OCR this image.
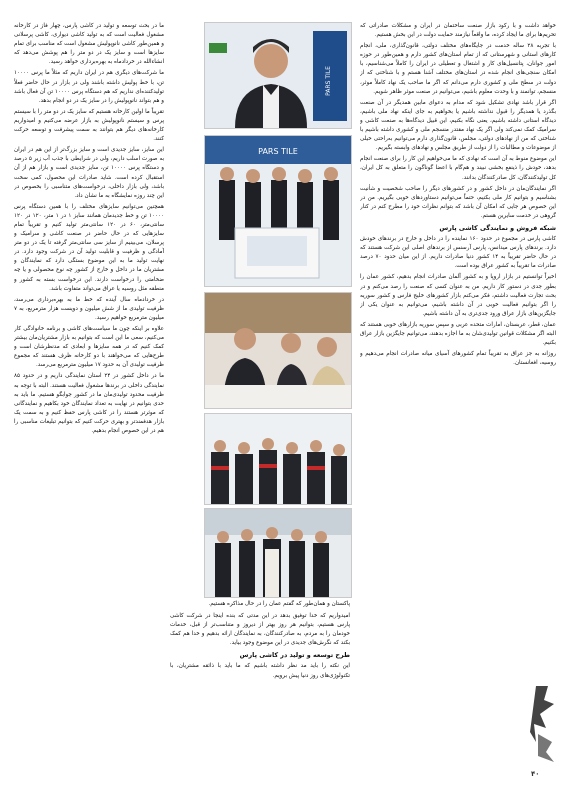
خواهد داشت و با رکود بازار صنعت ساختمان در ایران و مشکلات صادراتی که تحریم‌ها برای ما ایجاد کرده، ما واقعاً نیازمند حمایت دولت در این بخش هستیم.

با تجربه ۲۸ ساله خدمت در جایگاه‌های مختلف دولتی، قانون‌گذاری، ملی، انجام کارهای استانی و شهرستانی که از تمام استان‌های کشور دارم و همین‌طور در حوزه امور جوانان، پتانسیل‌های کار و اشتغال و تعطیلی در ایران را کاملاً می‌شناسیم، با امکان سنجی‌های انجام شده در استان‌های مختلف آشنا هستم و با شناختی که از دولت در سطح ملی و کشوری دارم می‌دانم که اگر ما صاحب یک نهاد کاملاً موثر، منسجم، توانمند و با وحدت معلوم باشیم، می‌توانیم در صنعت موثر ظاهر شویم.

اگر قرار باشد نهادی تشکیل شود که مدام به دعوای مابین همدیگر در آن صنعت بگذرد یا همدیگر را قبول نداشته باشیم یا بخواهیم به جای اینکه نهاد ملی باشیم، دیدگاه استانی داشته باشیم، یعنی نگاه بکنیم، این قبیل دیدگاه‌ها به صنعت کاشی و سرامیک کمک نمی‌کند ولی اگر یک نهاد مقتدر منسجم ملی و کشوری داشته باشیم با شناختی که من از نهادهای دولتی، مجلس، قانون‌گذاری دارم می‌توانیم به‌راحتی خیلی از موضوعات و مطالبات را از دولت از طریق مجلس و نهادهای وابسته بگیریم.

این موضوع منوط به آن است که نهادی که ما می‌خواهیم این کار را برای صنعت انجام بدهد، خودش را ذینفع بخشی نبیند و هم‌گام با اعضا گوناگون را متعلق به کل ایران، کل تولیدکنندگان، کل صادرکنندگان بدانند.

اگر نمایندگان‌مان در داخل کشور و در کشورهای دیگر را صاحب شخصیت و شأنیت بشناسیم و بتوانیم کار ملی بکنیم، حتماً می‌توانیم دستاوردهای خوبی بگیریم. من در این خصوص هر جایی که امکان آن باشد که بتوانم نظرات خود را مطرح کنم در کنار گروهی در خدمت سایرین هستم.

شبکه فروش و نمایندگی کاشی پارس

کاشی پارس در مجموع در حدود ۱۶۰ نماینده را در داخل و خارج در برندهای خودش دارد. برندهای پارس میدانس، پارس آرسنس از برندهای اصلی این شرکت هستند که در حال حاضر تقریباً به ۱۴ کشور دنیا صادرات داریم. از این میان حدود ۷۰ درصد صادرات ما تقریباً به کشور عراق بوده است.

اخیراً توانستیم در بازار اروپا و به کشور آلمان صادرات انجام بدهیم، کشور عمان را بطور جدی در دستور کار داریم. من به عنوان کسی که صنعت را رصد می‌کنم و در بحث تجارت فعالیت داشتم، فکر می‌کنم بازار کشورهای خلیج فارس و کشور سوریه را اگر بتوانیم فعالیت خوبی در آن داشته باشیم، می‌توانیم به عنوان یکی از جایگزین‌های بازار عراق ورود جدی‌تری به آن داشته باشیم.

عمان، قطر، عربستان، امارات متحده عربی و سپس سوریه بازارهای خوبی هستند که البته اگر مشکلات قوانین تولیدی‌شان به ما اجازه بدهند، می‌توانیم جایگزین بازار عراق بکنیم.

روزانه به جز عراق به تقریباً تمام کشورهای آسیای میانه صادرات انجام می‌دهیم و روسیه، افغانستان.

PARS TILE
PARS TILE
پاکستان و همان‌طور که گفتم عمان را در حال مذاکره هستیم.

ما در بحث توسعه و تولید در کاشی پارس، چهار فاز در کارخانه مشغول فعالیت است که به تولید کاشی دیواری، کاشی پرسلانی و همین‌طور کاشی نانوپولیش مشغول است که مناسب برای تمام سایزها است و سایز یک در دو متر را هم پوشش می‌دهد که انشاءالله در خردادماه به بهره‌برداری خواهد رسید.

ما شرکت‌های دیگری هم در ایران داریم که مثلاً ما پرس ۱۰۰۰۰ تن، با خط پولیش داشته باشند ولی در بازار در حال حاضر فعلاً تولیدکننده‌ای نداریم که هم دستگاه پرس ۱۰۰۰۰ تن آن فعال باشد و هم بتواند نانوپولیش را در سایز یک در دو انجام بدهد.

تقریباً ما اولین کارخانه هستیم که سایز یک در دو متر را با سیستم پرس و سیستم نانوپولیش به بازار عرضه می‌کنیم و امیدواریم کارخانه‌های دیگر هم بتوانند به سمت پیشرفت و توسعه حرکت کنند.

این سایز، سایز جدیدی است و سایز بزرگ‌تر از این هم در ایران به صورت اسلب داریم، ولی در شرایطی با جذب آب زیر ۵ درصد و دستگاه پرس ۱۰۰۰۰ تن، سایز جدیدی است و بازار هم از آن استقبال کرده است. شاید صادرات این محصول، کمی سخت باشد، ولی بازار داخلی، درخواست‌های متناسبی را بخصوص در این چند روزه نمایشگاه به ما نشان داد.

همچنین می‌توانیم سایزهای مختلف را با همین دستگاه پرس ۱۰۰۰۰ تن و خط جدیدمان همانند سایز ۱ در ۱ متر، ۱۲۰ در ۱۲۰ سانتی‌متر، ۶۰ در ۱۲۰ سانتی‌متر تولید کنیم و تقریباً تمام سایزهایی که در حال حاضر در صنعت کاشی و سرامیک و پرسلان، می‌بینیم از سایز سی سانتی‌متر گرفته تا یک در دو متر آمادگی و ظرفیت و قابلیت تولید آن در شرکت وجود دارد. در نهایت تولید ما به این موضوع بستگی دارد که نمایندگان و مشتریان ما در داخل و خارج از کشور چه نوع محصولی و یا چه ضخامتی را درخواست دارند. این درخواست بسته به کشور و منطقه مثل روسیه یا عراق می‌تواند متفاوت باشد.

در خردادماه سال آینده که خط ما به بهره‌برداری می‌رسد، ظرفیت تولیدی ما از شش میلیون و دویست هزار مترمربع، به ۷ میلیون مترمربع خواهیم رسید.

علاوه بر اینکه چون ما سیاست‌های کاشی و برنامه خانوادگی کار می‌کنیم، سعی ما این است که بتوانیم به بازار مشتریان‌مان بیشتر کمک کنیم که در همه سایزها و ابعادی که مدنظرشان است و طرح‌هایی که می‌خواهند با دو کارخانه ظرف هستند که مجموع ظرفیت تولیدی آن به حدود ۱۷ میلیون مترمربع می‌رسد.

ما در داخل کشور در ۲۴ استان نمایندگی داریم و در حدود ۸۵ نمایندگی داخلی در برندها مشغول فعالیت هستند. البته با توجه به ظرفیت محدود تولیدی‌مان ما در کشور جوابگو هستیم. ما باید به حدی بتوانیم در نهایت به تعداد نمایندگان خود بکاهیم و نمایندگانی که موثرتر هستند را در کاشی پارس حفظ کنیم و به سمت یک بازار هدفمندتر و بهتری حرکت کنیم که بتوانیم تبلیغات مناسبی را هم در این خصوص انجام بدهیم.

امیدواریم که خدا توفیق بدهد در این مدتی که بنده اینجا در شرکت کاشی پارس هستیم، بتوانیم هر روز بهتر از دیروز و متناسب‌تر از قبل، خدمات خودمان را به مردم، به صادرکنندگان، به نمایندگان ارائه بدهیم و خدا هم کمک بکند که نگرش‌های جدیدی در این موضوع وجود بیاید.

طرح توسعه و تولید در کاشی پارس

این نکته را باید مد نظر داشته باشیم که ما باید با ذائقه مشتریان، با تکنولوژی‌های روز دنیا پیش برویم.

۴۰
